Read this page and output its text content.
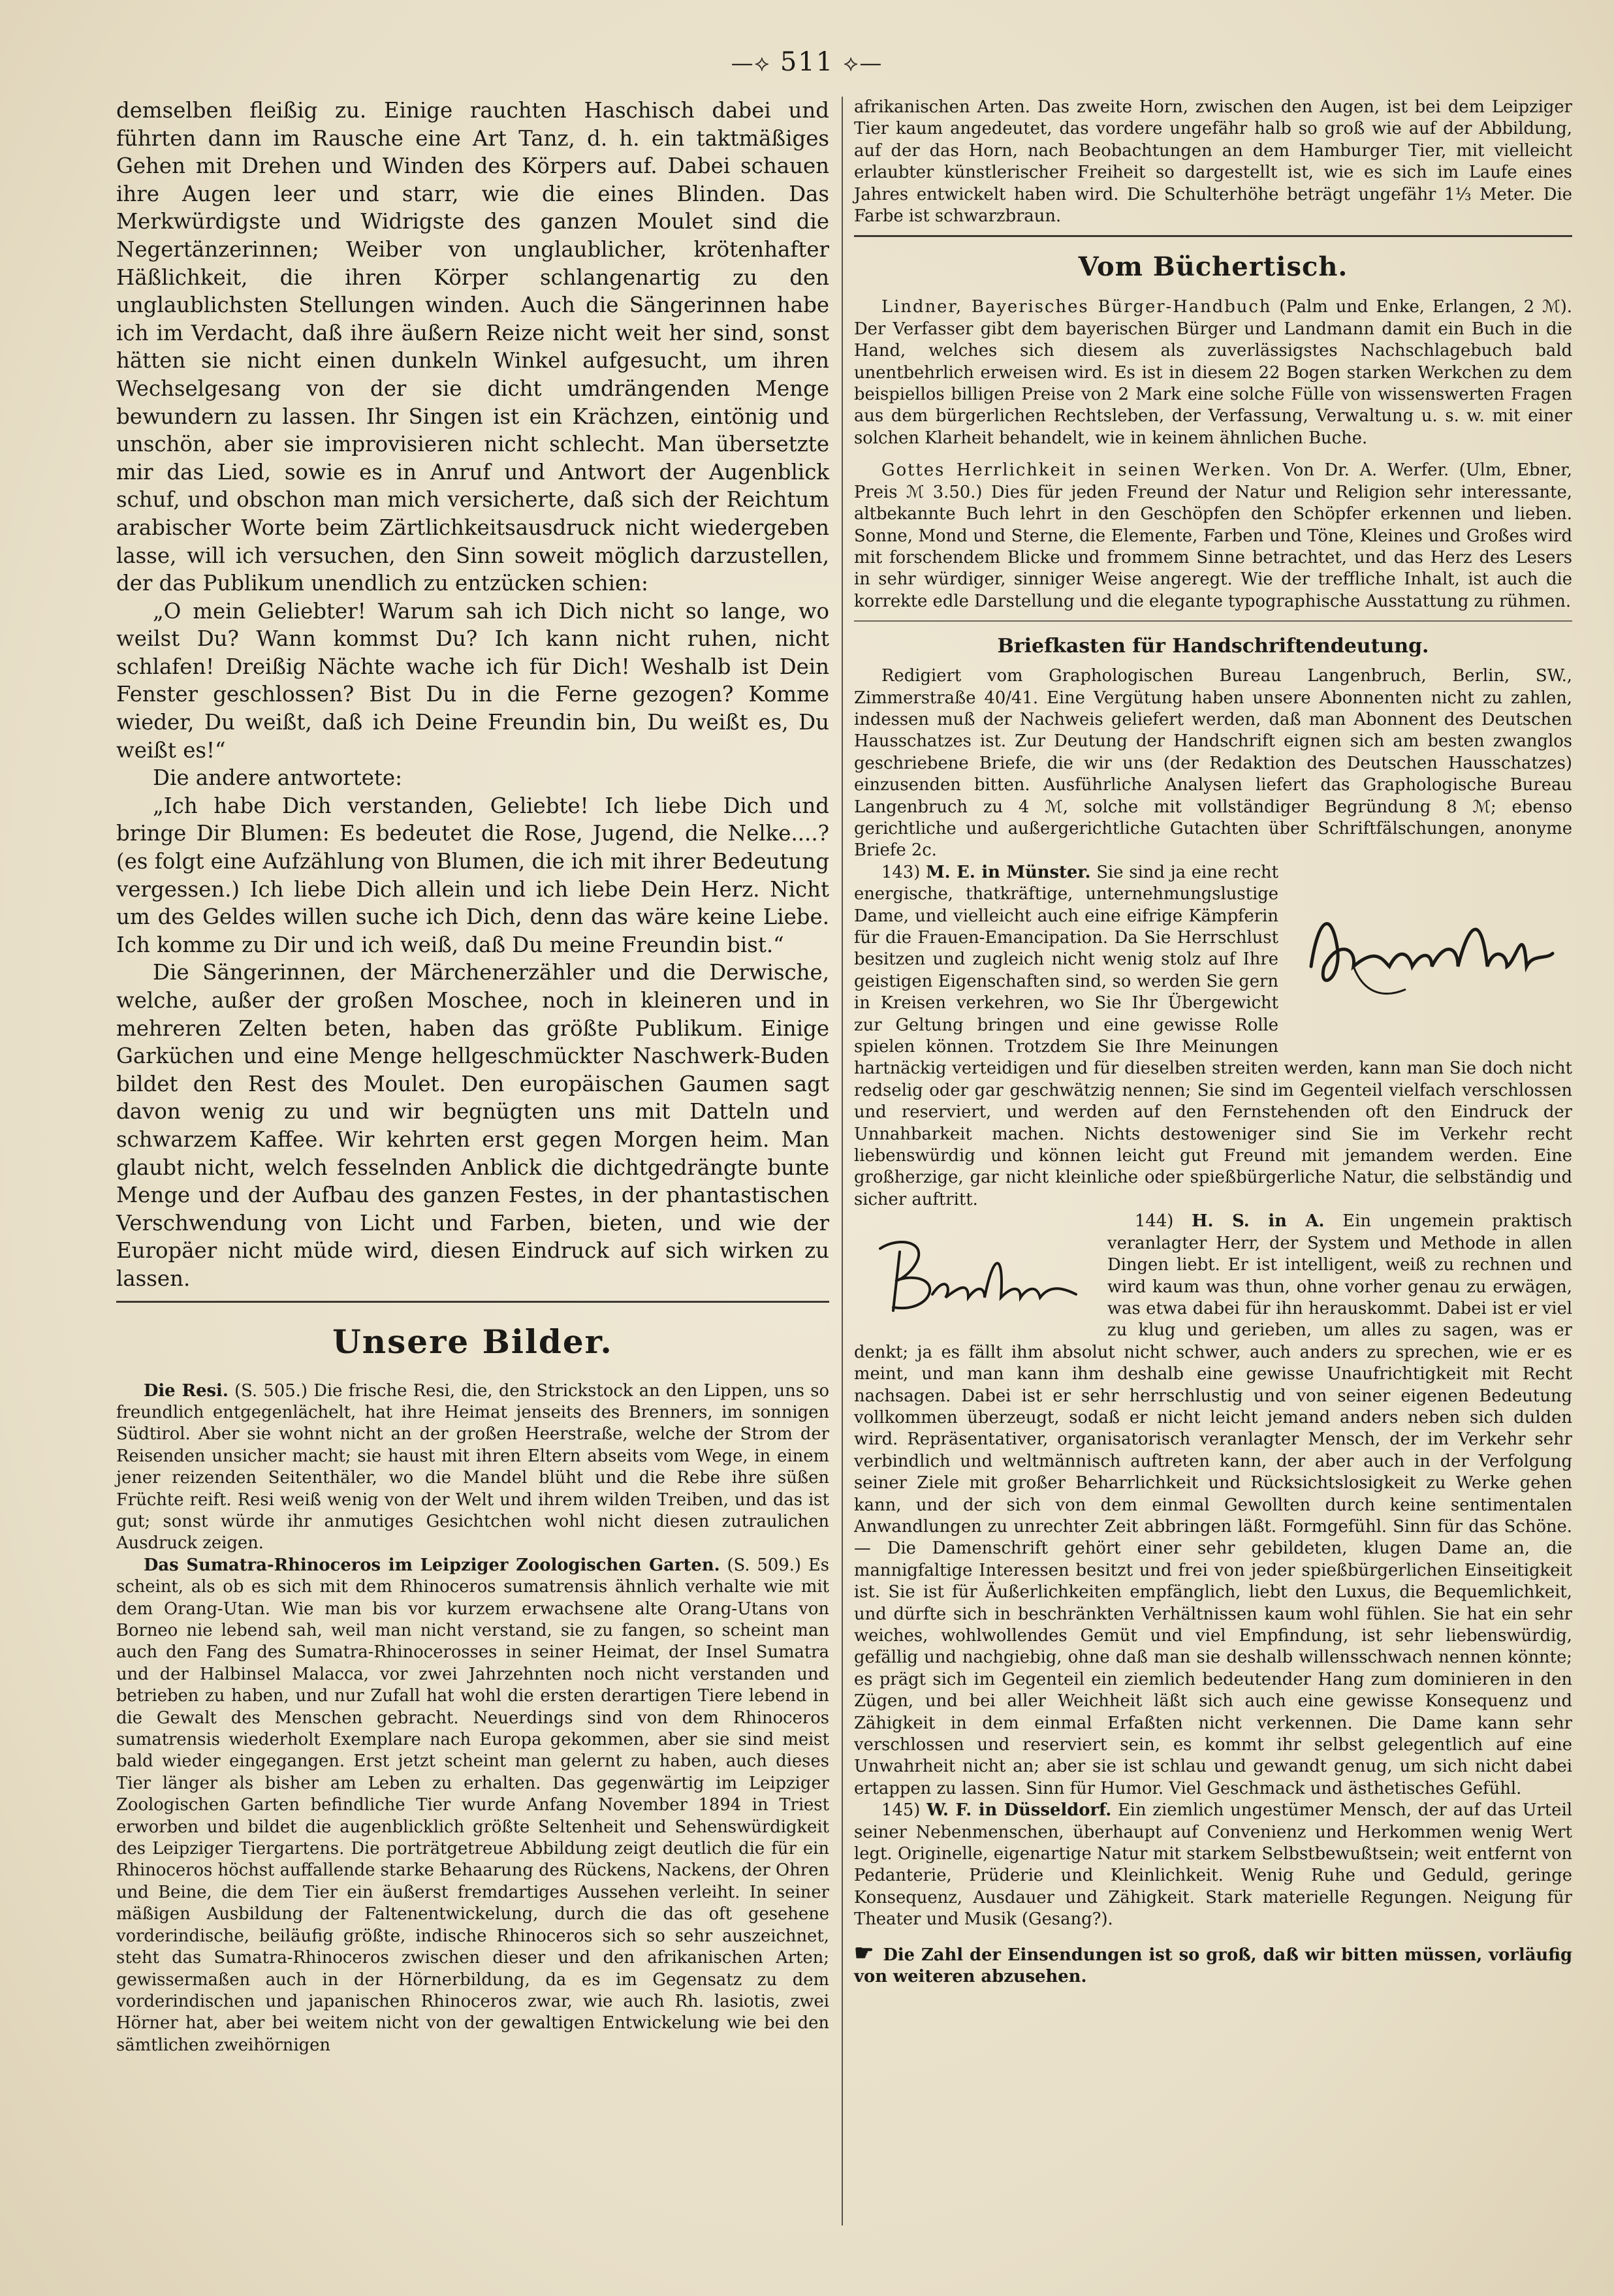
—⟡ 511 ⟡—

demselben fleißig zu. Einige rauchten Haschisch dabei und führten dann im Rausche eine Art Tanz, d. h. ein taktmäßiges Gehen mit Drehen und Winden des Körpers auf. Dabei schauen ihre Augen leer und starr, wie die eines Blinden. Das Merkwürdigste und Widrigste des ganzen Moulet sind die Negertänzerinnen; Weiber von unglaublicher, krötenhafter Häßlichkeit, die ihren Körper schlangenartig zu den unglaublichsten Stellungen winden. Auch die Sängerinnen habe ich im Verdacht, daß ihre äußern Reize nicht weit her sind, sonst hätten sie nicht einen dunkeln Winkel aufgesucht, um ihren Wechselgesang von der sie dicht umdrängenden Menge bewundern zu lassen. Ihr Singen ist ein Krächzen, eintönig und unschön, aber sie improvisieren nicht schlecht. Man übersetzte mir das Lied, sowie es in Anruf und Antwort der Augenblick schuf, und obschon man mich versicherte, daß sich der Reichtum arabischer Worte beim Zärtlichkeitsausdruck nicht wiedergeben lasse, will ich versuchen, den Sinn soweit möglich darzustellen, der das Publikum unendlich zu entzücken schien:

„O mein Geliebter! Warum sah ich Dich nicht so lange, wo weilst Du? Wann kommst Du? Ich kann nicht ruhen, nicht schlafen! Dreißig Nächte wache ich für Dich! Weshalb ist Dein Fenster geschlossen? Bist Du in die Ferne gezogen? Komme wieder, Du weißt, daß ich Deine Freundin bin, Du weißt es, Du weißt es!“

Die andere antwortete:

„Ich habe Dich verstanden, Geliebte! Ich liebe Dich und bringe Dir Blumen: Es bedeutet die Rose, Jugend, die Nelke....? (es folgt eine Aufzählung von Blumen, die ich mit ihrer Bedeutung vergessen.) Ich liebe Dich allein und ich liebe Dein Herz. Nicht um des Geldes willen suche ich Dich, denn das wäre keine Liebe. Ich komme zu Dir und ich weiß, daß Du meine Freundin bist.“

Die Sängerinnen, der Märchenerzähler und die Derwische, welche, außer der großen Moschee, noch in kleineren und in mehreren Zelten beten, haben das größte Publikum. Einige Garküchen und eine Menge hellgeschmückter Naschwerk-Buden bildet den Rest des Moulet. Den europäischen Gaumen sagt davon wenig zu und wir begnügten uns mit Datteln und schwarzem Kaffee. Wir kehrten erst gegen Morgen heim. Man glaubt nicht, welch fesselnden Anblick die dichtgedrängte bunte Menge und der Aufbau des ganzen Festes, in der phantastischen Verschwendung von Licht und Farben, bieten, und wie der Europäer nicht müde wird, diesen Eindruck auf sich wirken zu lassen.

Unsere Bilder.

Die Resi. (S. 505.) Die frische Resi, die, den Strickstock an den Lippen, uns so freundlich entgegenlächelt, hat ihre Heimat jenseits des Brenners, im sonnigen Südtirol. Aber sie wohnt nicht an der großen Heerstraße, welche der Strom der Reisenden unsicher macht; sie haust mit ihren Eltern abseits vom Wege, in einem jener reizenden Seitenthäler, wo die Mandel blüht und die Rebe ihre süßen Früchte reift. Resi weiß wenig von der Welt und ihrem wilden Treiben, und das ist gut; sonst würde ihr anmutiges Gesichtchen wohl nicht diesen zutraulichen Ausdruck zeigen.

Das Sumatra-Rhinoceros im Leipziger Zoologischen Garten. (S. 509.) Es scheint, als ob es sich mit dem Rhinoceros sumatrensis ähnlich verhalte wie mit dem Orang-Utan. Wie man bis vor kurzem erwachsene alte Orang-Utans von Borneo nie lebend sah, weil man nicht verstand, sie zu fangen, so scheint man auch den Fang des Sumatra-Rhinocerosses in seiner Heimat, der Insel Sumatra und der Halbinsel Malacca, vor zwei Jahrzehnten noch nicht verstanden und betrieben zu haben, und nur Zufall hat wohl die ersten derartigen Tiere lebend in die Gewalt des Menschen gebracht. Neuerdings sind von dem Rhinoceros sumatrensis wiederholt Exemplare nach Europa gekommen, aber sie sind meist bald wieder eingegangen. Erst jetzt scheint man gelernt zu haben, auch dieses Tier länger als bisher am Leben zu erhalten. Das gegenwärtig im Leipziger Zoologischen Garten befindliche Tier wurde Anfang November 1894 in Triest erworben und bildet die augenblicklich größte Seltenheit und Sehenswürdigkeit des Leipziger Tiergartens. Die porträtgetreue Abbildung zeigt deutlich die für ein Rhinoceros höchst auffallende starke Behaarung des Rückens, Nackens, der Ohren und Beine, die dem Tier ein äußerst fremdartiges Aussehen verleiht. In seiner mäßigen Ausbildung der Faltenentwickelung, durch die das oft gesehene vorderindische, beiläufig größte, indische Rhinoceros sich so sehr auszeichnet, steht das Sumatra-Rhinoceros zwischen dieser und den afrikanischen Arten; gewissermaßen auch in der Hörnerbildung, da es im Gegensatz zu dem vorderindischen und japanischen Rhinoceros zwar, wie auch Rh. lasiotis, zwei Hörner hat, aber bei weitem nicht von der gewaltigen Entwickelung wie bei den sämtlichen zweihörnigen

afrikanischen Arten. Das zweite Horn, zwischen den Augen, ist bei dem Leipziger Tier kaum angedeutet, das vordere ungefähr halb so groß wie auf der Abbildung, auf der das Horn, nach Beobachtungen an dem Hamburger Tier, mit vielleicht erlaubter künstlerischer Freiheit so dargestellt ist, wie es sich im Laufe eines Jahres entwickelt haben wird. Die Schulterhöhe beträgt ungefähr 1⅓ Meter. Die Farbe ist schwarzbraun.

Vom Büchertisch.

Lindner, Bayerisches Bürger-Handbuch (Palm und Enke, Erlangen, 2 ℳ). Der Verfasser gibt dem bayerischen Bürger und Landmann damit ein Buch in die Hand, welches sich diesem als zuverlässigstes Nachschlagebuch bald unentbehrlich erweisen wird. Es ist in diesem 22 Bogen starken Werkchen zu dem beispiellos billigen Preise von 2 Mark eine solche Fülle von wissenswerten Fragen aus dem bürgerlichen Rechtsleben, der Verfassung, Verwaltung u. s. w. mit einer solchen Klarheit behandelt, wie in keinem ähnlichen Buche.

Gottes Herrlichkeit in seinen Werken. Von Dr. A. Werfer. (Ulm, Ebner, Preis ℳ 3.50.) Dies für jeden Freund der Natur und Religion sehr interessante, altbekannte Buch lehrt in den Geschöpfen den Schöpfer erkennen und lieben. Sonne, Mond und Sterne, die Elemente, Farben und Töne, Kleines und Großes wird mit forschendem Blicke und frommem Sinne betrachtet, und das Herz des Lesers in sehr würdiger, sinniger Weise angeregt. Wie der treffliche Inhalt, ist auch die korrekte edle Darstellung und die elegante typographische Ausstattung zu rühmen.

Briefkasten für Handschriftendeutung.

Redigiert vom Graphologischen Bureau Langenbruch, Berlin, SW., Zimmerstraße 40/41. Eine Vergütung haben unsere Abonnenten nicht zu zahlen, indessen muß der Nachweis geliefert werden, daß man Abonnent des Deutschen Hausschatzes ist. Zur Deutung der Handschrift eignen sich am besten zwanglos geschriebene Briefe, die wir uns (der Redaktion des Deutschen Hausschatzes) einzusenden bitten. Ausführliche Analysen liefert das Graphologische Bureau Langenbruch zu 4 ℳ, solche mit vollständiger Begründung 8 ℳ; ebenso gerichtliche und außergerichtliche Gutachten über Schriftfälschungen, anonyme Briefe 2c.

143) M. E. in Münster. Sie sind ja eine recht energische, thatkräftige, unternehmungslustige Dame, und vielleicht auch eine eifrige Kämpferin für die Frauen-Emancipation. Da Sie Herrschlust besitzen und zugleich nicht wenig stolz auf Ihre geistigen Eigenschaften sind, so werden Sie gern in Kreisen verkehren, wo Sie Ihr Übergewicht zur Geltung bringen und eine gewisse Rolle spielen können. Trotzdem Sie Ihre Meinungen hartnäckig verteidigen und für dieselben streiten werden, kann man Sie doch nicht redselig oder gar geschwätzig nennen; Sie sind im Gegenteil vielfach verschlossen und reserviert, und werden auf den Fernstehenden oft den Eindruck der Unnahbarkeit machen. Nichts destoweniger sind Sie im Verkehr recht liebenswürdig und können leicht gut Freund mit jemandem werden. Eine großherzige, gar nicht kleinliche oder spießbürgerliche Natur, die selbständig und sicher auftritt.

144) H. S. in A.
Ein ungemein praktisch veranlagter Herr, der System und Methode in allen Dingen liebt. Er ist intelligent, weiß zu rechnen und wird kaum was thun, ohne vorher genau zu erwägen, was etwa dabei für ihn herauskommt. Dabei ist er viel zu klug und gerieben, um alles zu sagen, was er denkt; ja es fällt ihm absolut nicht schwer, auch anders zu sprechen, wie er es meint, und man kann ihm deshalb eine gewisse Unaufrichtigkeit mit Recht nachsagen. Dabei ist er sehr herrschlustig und von seiner eigenen Bedeutung vollkommen überzeugt, sodaß er nicht leicht jemand anders neben sich dulden wird. Repräsentativer, organisatorisch veranlagter Mensch, der im Verkehr sehr verbindlich und weltmännisch auftreten kann, der aber auch in der Verfolgung seiner Ziele mit großer Beharrlichkeit und Rücksichtslosigkeit zu Werke gehen kann, und der sich von dem einmal Gewollten durch keine sentimentalen Anwandlungen zu unrechter Zeit abbringen läßt. Formgefühl. Sinn für das Schöne. — Die Damenschrift gehört einer sehr gebildeten, klugen Dame an, die mannigfaltige Interessen besitzt und frei von jeder spießbürgerlichen Einseitigkeit ist. Sie ist für Äußerlichkeiten empfänglich, liebt den Luxus, die Bequemlichkeit, und dürfte sich in beschränkten Verhältnissen kaum wohl fühlen. Sie hat ein sehr weiches, wohlwollendes Gemüt und viel Empfindung, ist sehr liebenswürdig, gefällig und nachgiebig, ohne daß man sie deshalb willensschwach nennen könnte; es prägt sich im Gegenteil ein ziemlich bedeutender Hang zum dominieren in den Zügen, und bei aller Weichheit läßt sich auch eine gewisse Konsequenz und Zähigkeit in dem einmal Erfaßten nicht verkennen. Die Dame kann sehr verschlossen und reserviert sein, es kommt ihr selbst gelegentlich auf eine Unwahrheit nicht an; aber sie ist schlau und gewandt genug, um sich nicht dabei ertappen zu lassen. Sinn für Humor. Viel Geschmack und ästhetisches Gefühl.

145) W. F. in Düsseldorf. Ein ziemlich ungestümer Mensch, der auf das Urteil seiner Nebenmenschen, überhaupt auf Convenienz und Herkommen wenig Wert legt. Originelle, eigenartige Natur mit starkem Selbstbewußtsein; weit entfernt von Pedanterie, Prüderie und Kleinlichkeit. Wenig Ruhe und Geduld, geringe Konsequenz, Ausdauer und Zähigkeit. Stark materielle Regungen. Neigung für Theater und Musik (Gesang?).

☛ Die Zahl der Einsendungen ist so groß, daß wir bitten müssen, vorläufig von weiteren abzusehen.
